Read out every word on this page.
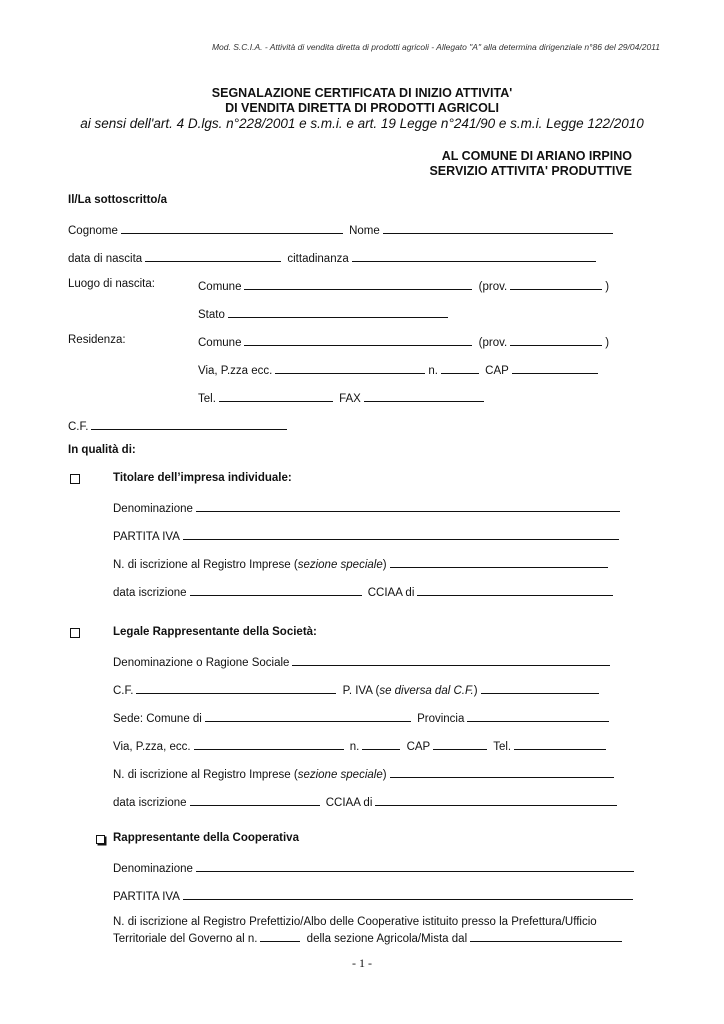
Mod. S.C.I.A. - Attività di vendita diretta di prodotti agricoli - Allegato "A" alla determina dirigenziale n°86 del 29/04/2011
SEGNALAZIONE CERTIFICATA DI INIZIO ATTIVITA'
DI VENDITA DIRETTA DI PRODOTTI AGRICOLI
ai sensi dell'art. 4 D.lgs. n°228/2001 e s.m.i. e art. 19 Legge n°241/90 e s.m.i. Legge 122/2010
AL COMUNE DI ARIANO IRPINO
SERVIZIO ATTIVITA' PRODUTTIVE
Il/La sottoscritto/a
Cognome	Nome
data di nascita	cittadinanza
Luogo di nascita:	Comune	(prov.	)
Stato
Residenza:	Comune	(prov.	)
Via, P.zza ecc.	n.	CAP
Tel.	FAX
C.F.
In qualità di:
Titolare dell’impresa individuale:
Denominazione
PARTITA IVA
N. di iscrizione al Registro Imprese (sezione speciale)
data iscrizione	CCIAA di
Legale Rappresentante della Società:
Denominazione o Ragione Sociale
C.F.	P. IVA (se diversa dal C.F.)
Sede: Comune di	Provincia
Via, P.zza, ecc.	n.	CAP	Tel.
N. di iscrizione al Registro Imprese (sezione speciale)
data iscrizione	CCIAA di
Rappresentante della Cooperativa
Denominazione
PARTITA IVA
N. di iscrizione al Registro Prefettizio/Albo delle Cooperative istituito presso la Prefettura/Ufficio
Territoriale del Governo al n.	della sezione Agricola/Mista dal
- 1 -
